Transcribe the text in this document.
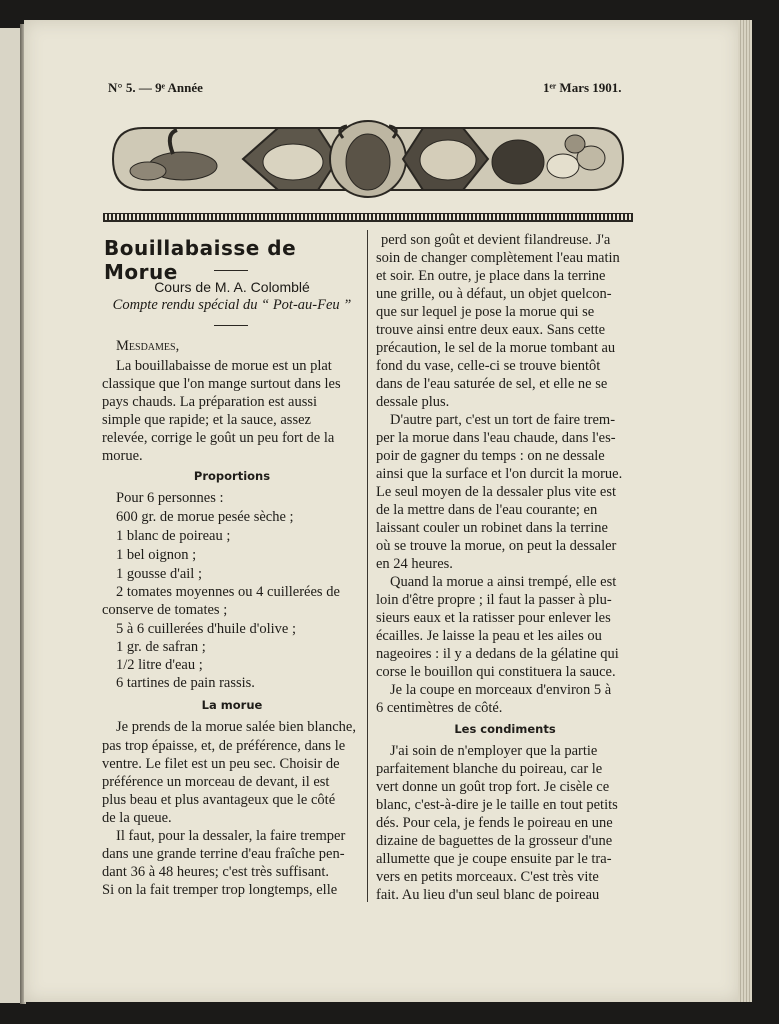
N° 5. — 9ᵉ Année	1ᵉʳ Mars 1901.
Bouillabaisse de Morue
Cours de M. A. Colomblé
Compte rendu spécial du “ Pot-au-Feu ”
Mesdames,
La bouillabaisse de morue est un plat
classique que l'on mange surtout dans les
pays chauds. La préparation est aussi
simple que rapide; et la sauce, assez
relevée, corrige le goût un peu fort de la
morue.
Proportions
Pour 6 personnes :
600 gr. de morue pesée sèche ;
1 blanc de poireau ;
1 bel oignon ;
1 gousse d'ail ;
2 tomates moyennes ou 4 cuillerées de
conserve de tomates ;
5 à 6 cuillerées d'huile d'olive ;
1 gr. de safran ;
1/2 litre d'eau ;
6 tartines de pain rassis.
La morue
Je prends de la morue salée bien blanche,
pas trop épaisse, et, de préférence, dans le
ventre. Le filet est un peu sec. Choisir de
préférence un morceau de devant, il est
plus beau et plus avantageux que le côté
de la queue.
Il faut, pour la dessaler, la faire tremper
dans une grande terrine d'eau fraîche pen-
dant 36 à 48 heures; c'est très suffisant.
Si on la fait tremper trop longtemps, elle
perd son goût et devient filandreuse. J'a
soin de changer complètement l'eau matin
et soir. En outre, je place dans la terrine
une grille, ou à défaut, un objet quelcon-
que sur lequel je pose la morue qui se
trouve ainsi entre deux eaux. Sans cette
précaution, le sel de la morue tombant au
fond du vase, celle-ci se trouve bientôt
dans de l'eau saturée de sel, et elle ne se
dessale plus.
D'autre part, c'est un tort de faire trem-
per la morue dans l'eau chaude, dans l'es-
poir de gagner du temps : on ne dessale
ainsi que la surface et l'on durcit la morue.
Le seul moyen de la dessaler plus vite est
de la mettre dans de l'eau courante; en
laissant couler un robinet dans la terrine
où se trouve la morue, on peut la dessaler
en 24 heures.
Quand la morue a ainsi trempé, elle est
loin d'être propre ; il faut la passer à plu-
sieurs eaux et la ratisser pour enlever les
écailles. Je laisse la peau et les ailes ou
nageoires : il y a dedans de la gélatine qui
corse le bouillon qui constituera la sauce.
Je la coupe en morceaux d'environ 5 à
6 centimètres de côté.
Les condiments
J'ai soin de n'employer que la partie
parfaitement blanche du poireau, car le
vert donne un goût trop fort. Je cisèle ce
blanc, c'est-à-dire je le taille en tout petits
dés. Pour cela, je fends le poireau en une
dizaine de baguettes de la grosseur d'une
allumette que je coupe ensuite par le tra-
vers en petits morceaux. C'est très vite
fait. Au lieu d'un seul blanc de poireau
